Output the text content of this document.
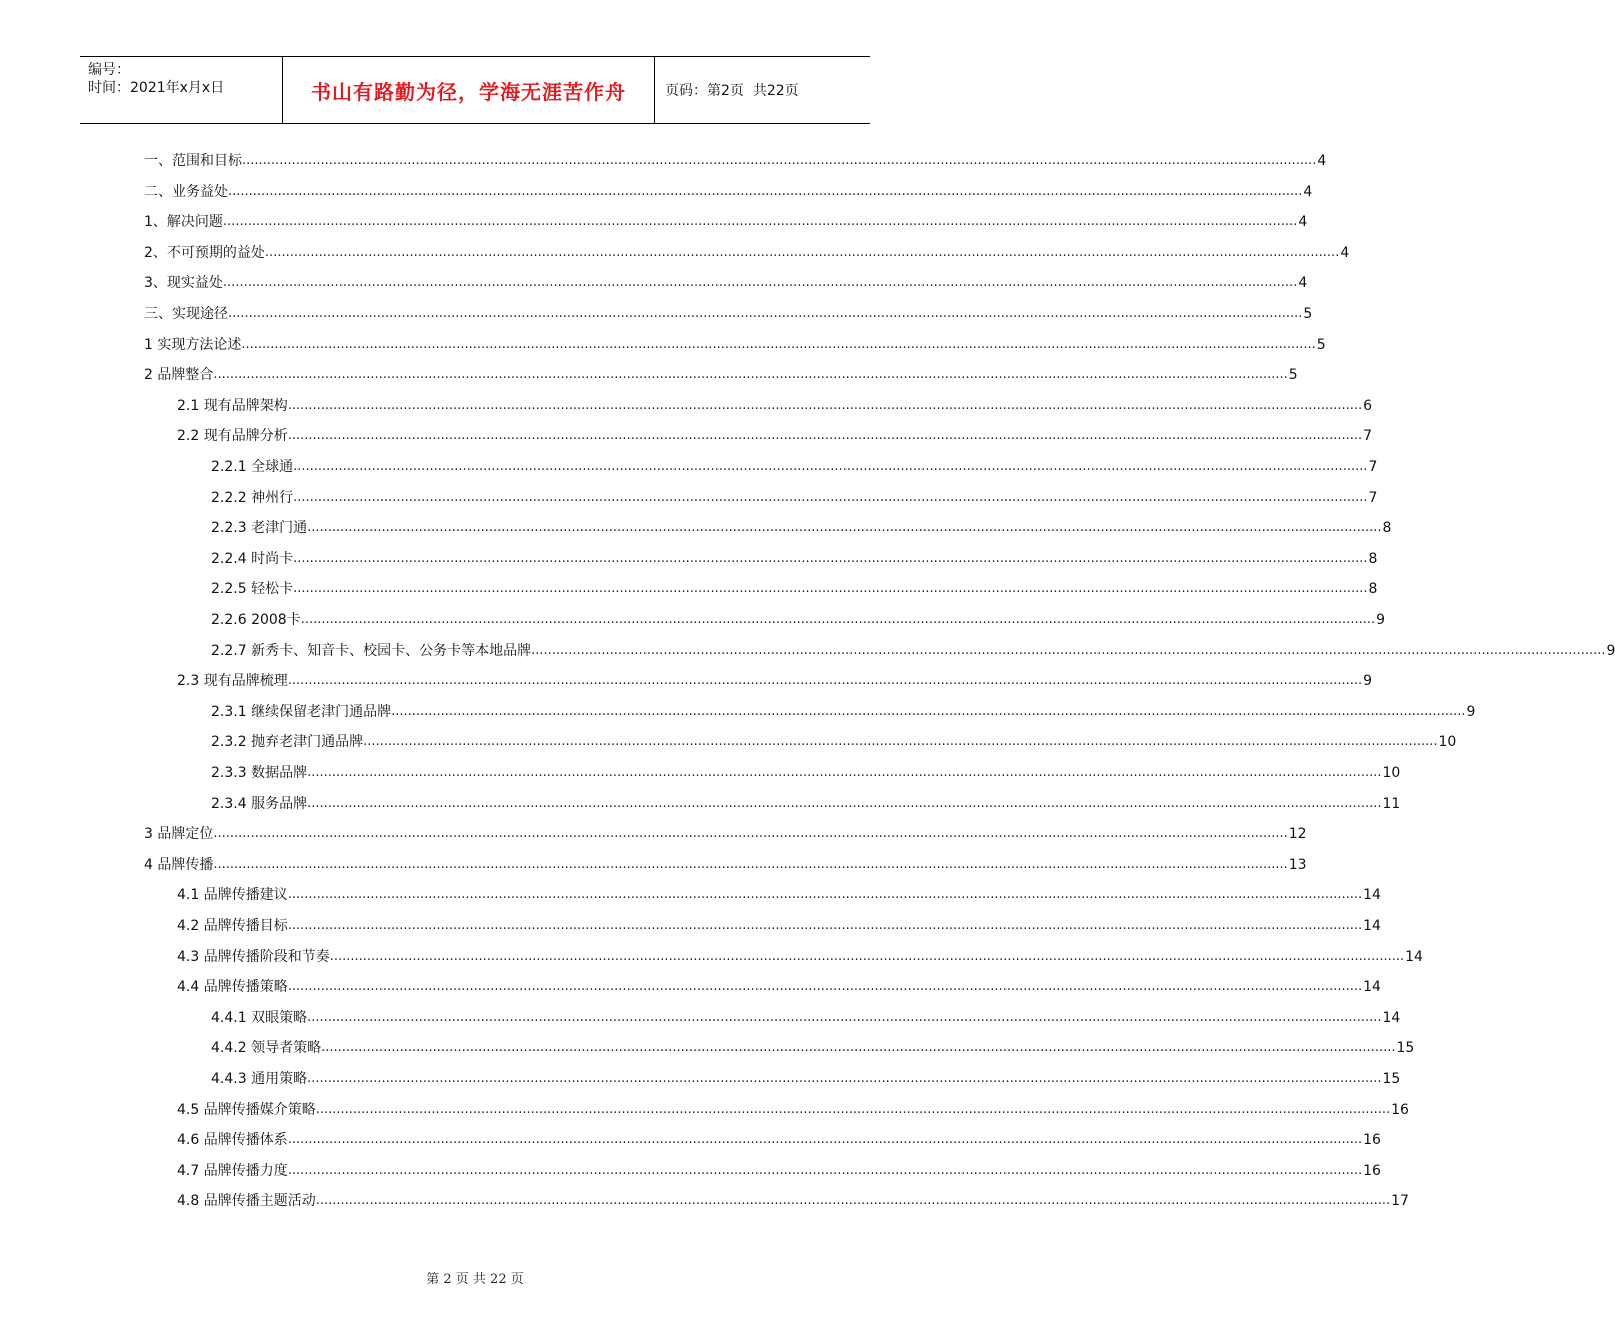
编号：
时间：2021年x月x日	书山有路勤为径，学海无涯苦作舟	页码：第2页
共22页
一、范围和目标 .................................................................................................................................................................................................................................................................... 4
二、业务益处 .................................................................................................................................................................................................................................................................... 4
1、解决问题 .................................................................................................................................................................................................................................................................... 4
2、不可预期的益处 .................................................................................................................................................................................................................................................................... 4
3、现实益处 .................................................................................................................................................................................................................................................................... 4
三、实现途径 .................................................................................................................................................................................................................................................................... 5
1 实现方法论述 .................................................................................................................................................................................................................................................................... 5
2 品牌整合 .................................................................................................................................................................................................................................................................... 5
2.1 现有品牌架构 .................................................................................................................................................................................................................................................................... 6
2.2 现有品牌分析 .................................................................................................................................................................................................................................................................... 7
2.2.1 全球通 .................................................................................................................................................................................................................................................................... 7
2.2.2 神州行 .................................................................................................................................................................................................................................................................... 7
2.2.3 老津门通 .................................................................................................................................................................................................................................................................... 8
2.2.4 时尚卡 .................................................................................................................................................................................................................................................................... 8
2.2.5 轻松卡 .................................................................................................................................................................................................................................................................... 8
2.2.6 2008卡 .................................................................................................................................................................................................................................................................... 9
2.2.7 新秀卡、知音卡、校园卡、公务卡等本地品牌 .................................................................................................................................................................................................................................................................... 9
2.3 现有品牌梳理 .................................................................................................................................................................................................................................................................... 9
2.3.1 继续保留老津门通品牌 .................................................................................................................................................................................................................................................................... 9
2.3.2 抛弃老津门通品牌 .................................................................................................................................................................................................................................................................... 10
2.3.3 数据品牌 .................................................................................................................................................................................................................................................................... 10
2.3.4 服务品牌 .................................................................................................................................................................................................................................................................... 11
3 品牌定位 .................................................................................................................................................................................................................................................................... 12
4 品牌传播 .................................................................................................................................................................................................................................................................... 13
4.1 品牌传播建议 .................................................................................................................................................................................................................................................................... 14
4.2 品牌传播目标 .................................................................................................................................................................................................................................................................... 14
4.3 品牌传播阶段和节奏 .................................................................................................................................................................................................................................................................... 14
4.4 品牌传播策略 .................................................................................................................................................................................................................................................................... 14
4.4.1 双眼策略 .................................................................................................................................................................................................................................................................... 14
4.4.2 领导者策略 .................................................................................................................................................................................................................................................................... 15
4.4.3 通用策略 .................................................................................................................................................................................................................................................................... 15
4.5 品牌传播媒介策略 .................................................................................................................................................................................................................................................................... 16
4.6 品牌传播体系 .................................................................................................................................................................................................................................................................... 16
4.7 品牌传播力度 .................................................................................................................................................................................................................................................................... 16
4.8 品牌传播主题活动 .................................................................................................................................................................................................................................................................... 17
第 2 页 共 22 页
